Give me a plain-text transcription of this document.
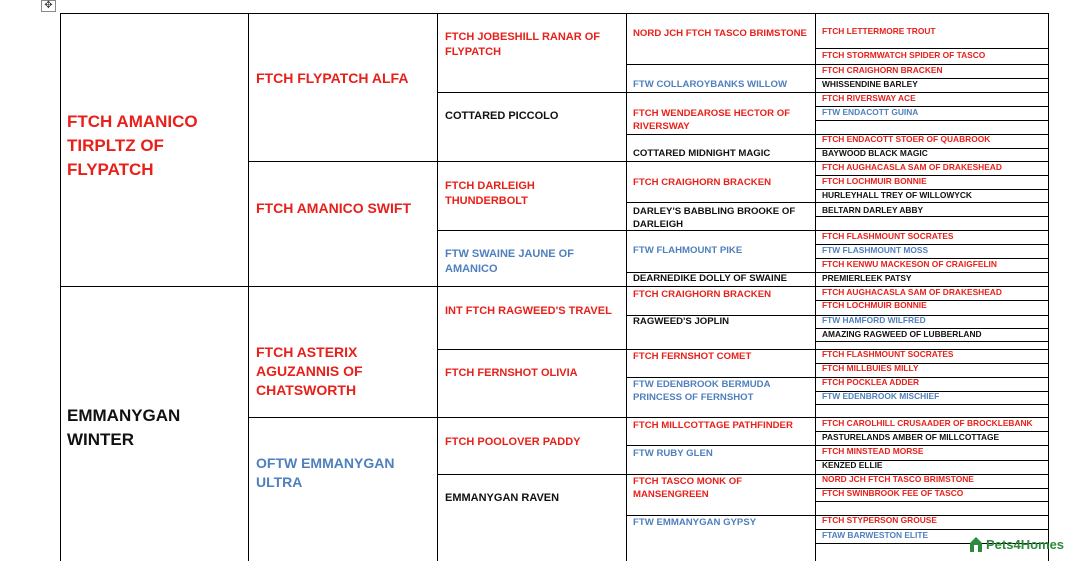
FTCH AMANICO TIRPLTZ OF FLYPATCH
EMMANYGAN WINTER
FTCH FLYPATCH ALFA
FTCH AMANICO SWIFT
FTCH ASTERIX AGUZANNIS OF CHATSWORTH
OFTW EMMANYGAN ULTRA
FTCH JOBESHILL RANAR OF FLYPATCH
COTTARED PICCOLO
FTCH DARLEIGH THUNDERBOLT
FTW SWAINE JAUNE OF AMANICO
INT FTCH RAGWEED'S TRAVEL
FTCH FERNSHOT OLIVIA
FTCH POOLOVER PADDY
EMMANYGAN RAVEN
NORD JCH FTCH TASCO BRIMSTONE
FTW COLLAROYBANKS WILLOW
FTCH WENDEAROSE HECTOR OF RIVERSWAY
COTTARED MIDNIGHT MAGIC
FTCH CRAIGHORN BRACKEN
DARLEY'S BABBLING BROOKE OF DARLEIGH
FTW FLAHMOUNT PIKE
DEARNEDIKE DOLLY OF SWAINE
FTCH CRAIGHORN BRACKEN
RAGWEED'S JOPLIN
FTCH FERNSHOT COMET
FTW EDENBROOK BERMUDA PRINCESS OF FERNSHOT
FTCH MILLCOTTAGE PATHFINDER
FTW RUBY GLEN
FTCH TASCO MONK OF MANSENGREEN
FTW EMMANYGAN GYPSY
FTCH LETTERMORE TROUT
FTCH STORMWATCH SPIDER OF TASCO
FTCH CRAIGHORN BRACKEN
WHISSENDINE BARLEY
FTCH RIVERSWAY ACE
FTW ENDACOTT GUINA
FTCH ENDACOTT STOER OF QUABROOK
BAYWOOD BLACK MAGIC
FTCH AUGHACASLA SAM OF DRAKESHEAD
FTCH LOCHMUIR BONNIE
HURLEYHALL TREY OF WILLOWYCK
BELTARN DARLEY ABBY
FTCH FLASHMOUNT SOCRATES
FTW FLASHMOUNT MOSS
FTCH KENWU MACKESON OF CRAIGFELIN
PREMIERLEEK PATSY
FTCH AUGHACASLA SAM OF DRAKESHEAD
FTCH LOCHMUIR BONNIE
FTW HAMFORD WILFRED
AMAZING RAGWEED OF LUBBERLAND
FTCH FLASHMOUNT SOCRATES
FTCH MILLBUIES MILLY
FTCH POCKLEA ADDER
FTW EDENBROOK MISCHIEF
FTCH CAROLHILL CRUSAADER OF BROCKLEBANK
PASTURELANDS AMBER OF MILLCOTTAGE
FTCH MINSTEAD MORSE
KENZED ELLIE
NORD JCH FTCH TASCO BRIMSTONE
FTCH SWINBROOK FEE OF TASCO
FTCH STYPERSON GROUSE
FTAW BARWESTON ELITE
✥
Pets4Homes
